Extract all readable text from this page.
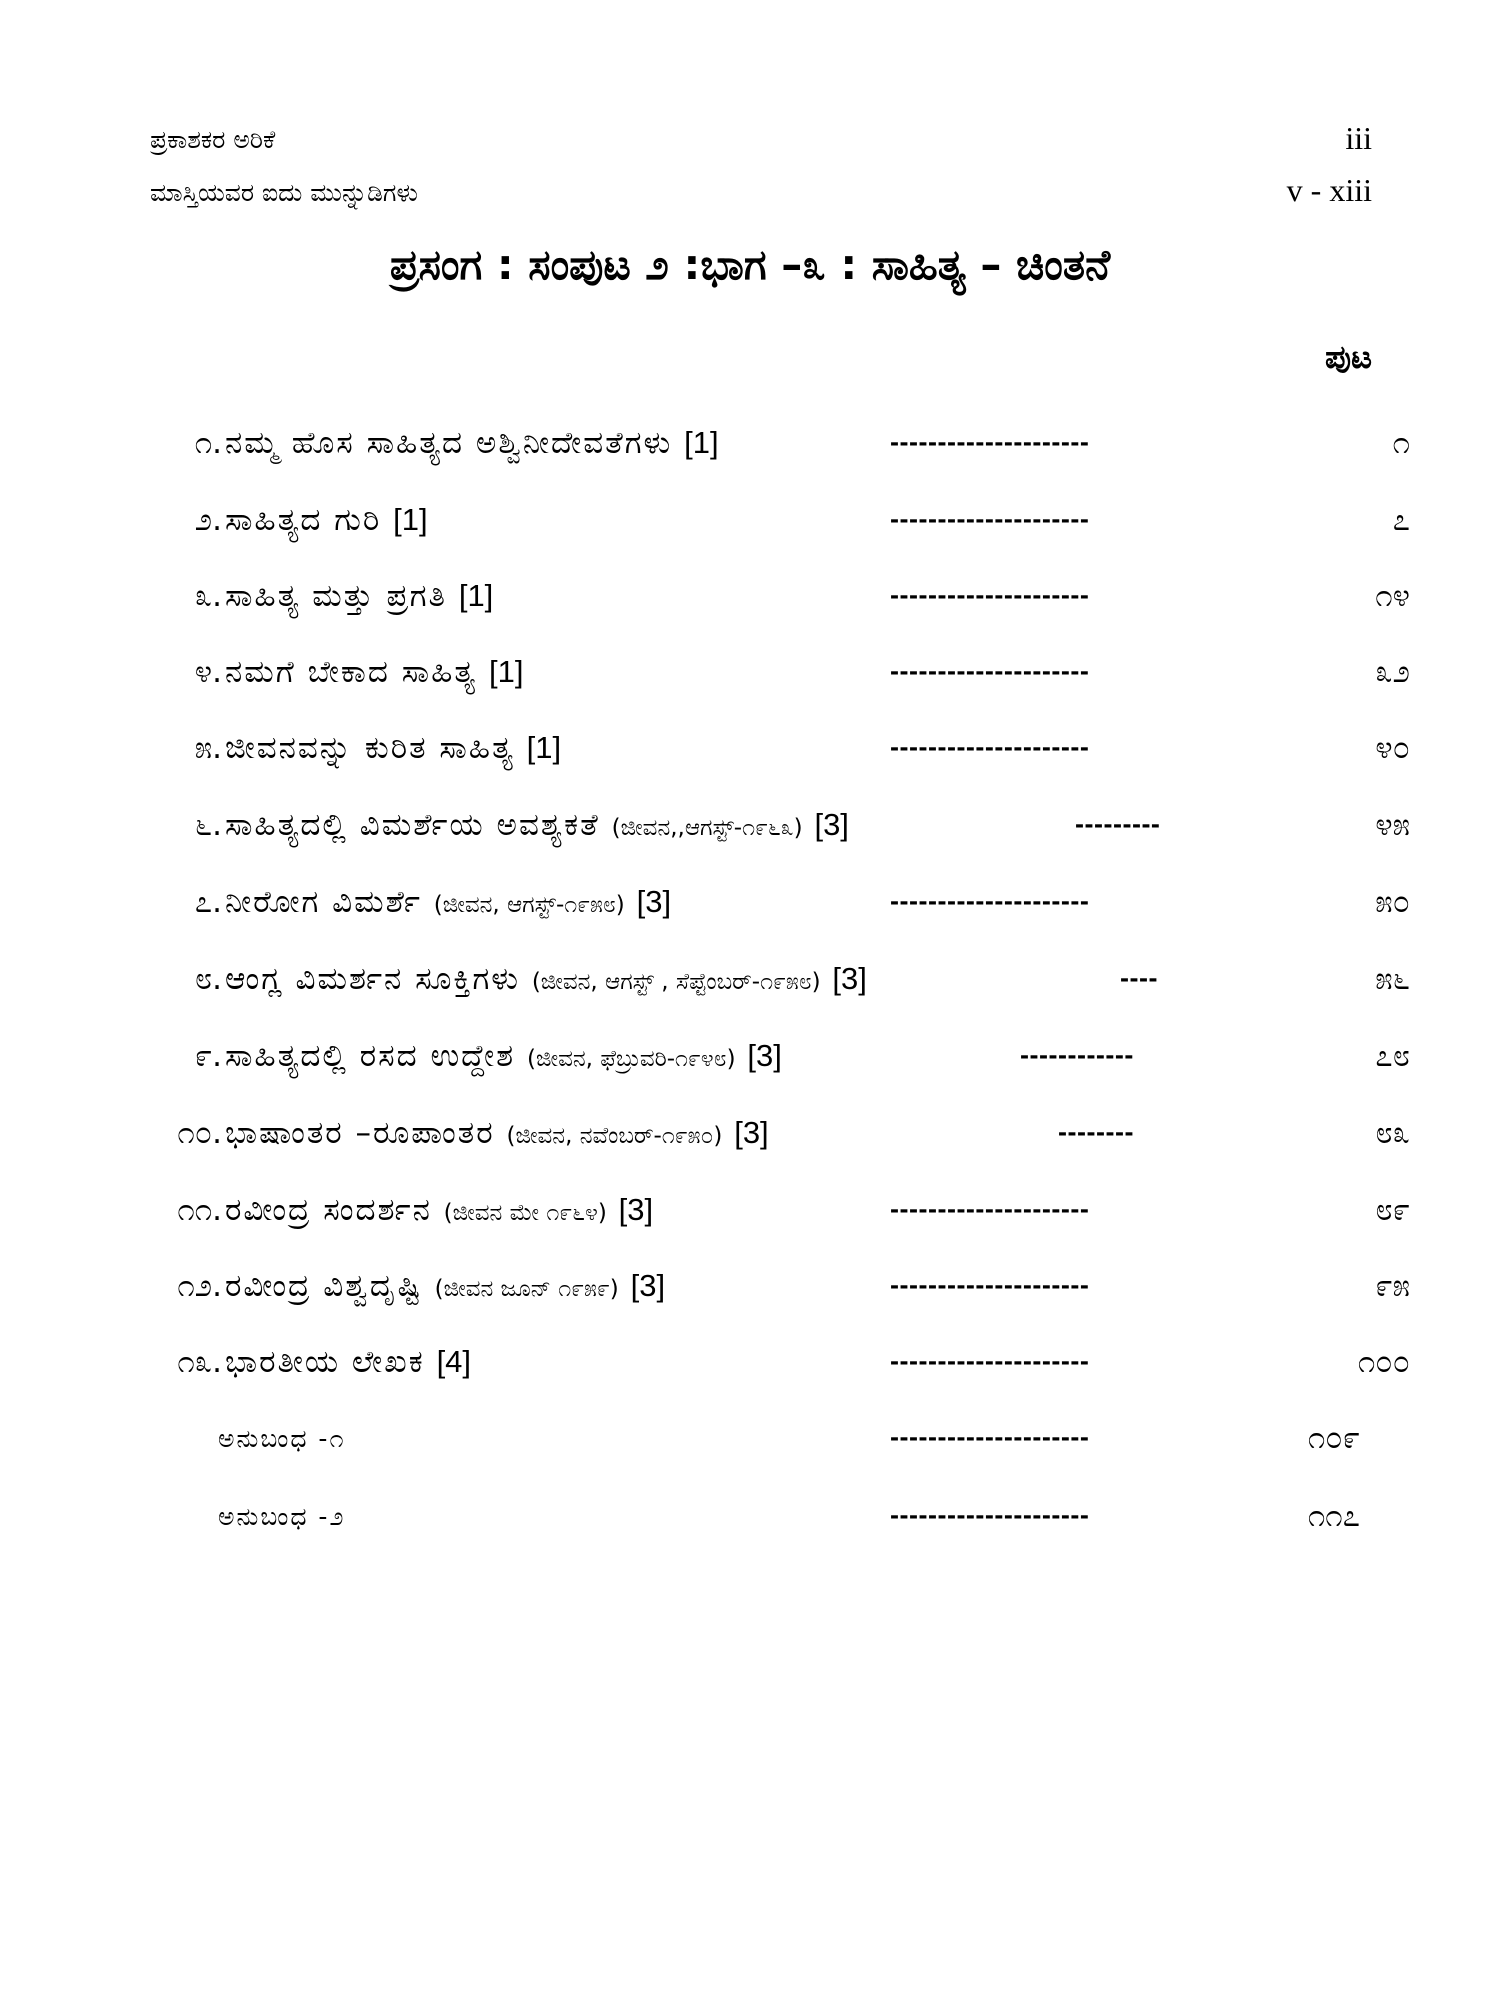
ಪ್ರಕಾಶಕರ ಅರಿಕೆ	iii
ಮಾಸ್ತಿಯವರ ಐದು ಮುನ್ನುಡಿಗಳು	v - xiii
ಪ್ರಸಂಗ : ಸಂಪುಟ ೨ :ಭಾಗ –೩ : ಸಾಹಿತ್ಯ – ಚಿಂತನೆ
ಪುಟ
೧. ನಮ್ಮ ಹೊಸ ಸಾಹಿತ್ಯದ ಅಶ್ವಿನೀದೇವತೆಗಳು [1]	---------------------	೧
೨. ಸಾಹಿತ್ಯದ ಗುರಿ [1]	---------------------	೭
೩. ಸಾಹಿತ್ಯ ಮತ್ತು ಪ್ರಗತಿ [1]	---------------------	೧೪
೪. ನಮಗೆ ಬೇಕಾದ ಸಾಹಿತ್ಯ [1]	---------------------	೩೨
೫. ಜೀವನವನ್ನು ಕುರಿತ ಸಾಹಿತ್ಯ [1]	---------------------	೪೦
೬. ಸಾಹಿತ್ಯದಲ್ಲಿ ವಿಮರ್ಶೆಯ ಅವಶ್ಯಕತೆ (ಜೀವನ,,ಆಗಸ್ಟ್-೧೯೬೩) [3]	---------	೪೫
೭. ನೀರೋಗ ವಿಮರ್ಶೆ (ಜೀವನ, ಆಗಸ್ಟ್-೧೯೫೮) [3]	---------------------	೫೦
೮. ಆಂಗ್ಲ ವಿಮರ್ಶನ ಸೂಕ್ತಿಗಳು (ಜೀವನ, ಆಗಸ್ಟ್ , ಸೆಪ್ಟೆಂಬರ್-೧೯೫೮) [3]	----	೫೬
೯. ಸಾಹಿತ್ಯದಲ್ಲಿ ರಸದ ಉದ್ದೇಶ (ಜೀವನ, ಫೆಬ್ರುವರಿ-೧೯೪೮) [3]	------------	೭೮
೧೦. ಭಾಷಾಂತರ –ರೂಪಾಂತರ (ಜೀವನ, ನವೆಂಬರ್-೧೯೫೦) [3]	--------	೮೩
೧೧. ರವೀಂದ್ರ ಸಂದರ್ಶನ (ಜೀವನ ಮೇ ೧೯೬೪) [3]	---------------------	೮೯
೧೨. ರವೀಂದ್ರ ವಿಶ್ವದೃಷ್ಟಿ (ಜೀವನ ಜೂನ್ ೧೯೫೯) [3]	---------------------	೯೫
೧೩. ಭಾರತೀಯ ಲೇಖಕ [4]	---------------------	೧೦೦
ಅನುಬಂಧ -೧	---------------------	೧೦೯
ಅನುಬಂಧ -೨	---------------------	೧೧೭
